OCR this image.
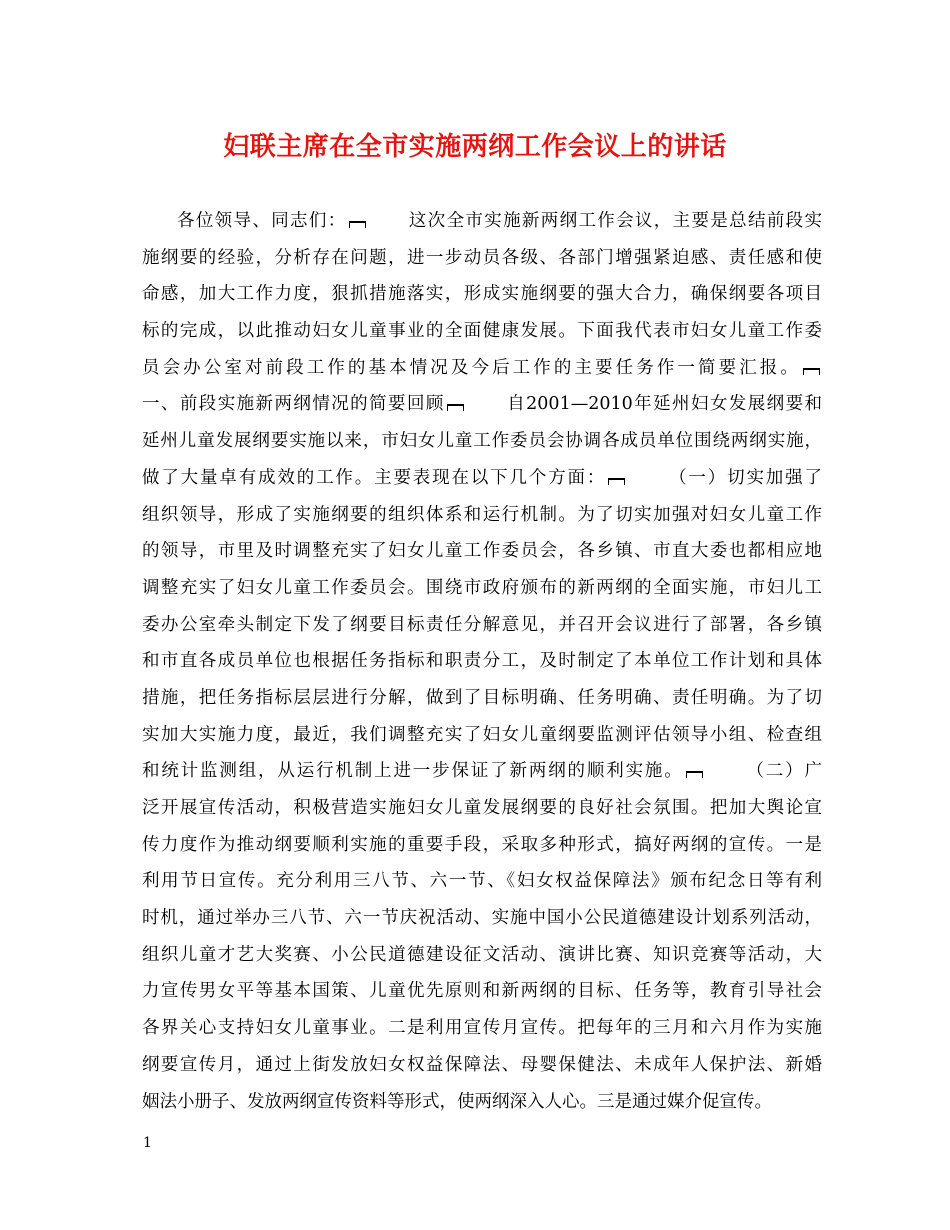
妇联主席在全市实施两纲工作会议上的讲话
各位领导、同志们：	这次全市实施新两纲工作会议，主要是总结前段实
施纲要的经验，分析存在问题，进一步动员各级、各部门增强紧迫感、责任感和使
命感，加大工作力度，狠抓措施落实，形成实施纲要的强大合力，确保纲要各项目
标的完成，以此推动妇女儿童事业的全面健康发展。下面我代表市妇女儿童工作委
员会办公室对前段工作的基本情况及今后工作的主要任务作一简要汇报。
一、前段实施新两纲情况的简要回顾	自2001—2010年延州妇女发展纲要和
延州儿童发展纲要实施以来，市妇女儿童工作委员会协调各成员单位围绕两纲实施，
做了大量卓有成效的工作。主要表现在以下几个方面：	（一）切实加强了
组织领导，形成了实施纲要的组织体系和运行机制。为了切实加强对妇女儿童工作
的领导，市里及时调整充实了妇女儿童工作委员会，各乡镇、市直大委也都相应地
调整充实了妇女儿童工作委员会。围绕市政府颁布的新两纲的全面实施，市妇儿工
委办公室牵头制定下发了纲要目标责任分解意见，并召开会议进行了部署，各乡镇
和市直各成员单位也根据任务指标和职责分工，及时制定了本单位工作计划和具体
措施，把任务指标层层进行分解，做到了目标明确、任务明确、责任明确。为了切
实加大实施力度，最近，我们调整充实了妇女儿童纲要监测评估领导小组、检查组
和统计监测组，从运行机制上进一步保证了新两纲的顺利实施。	（二）广
泛开展宣传活动，积极营造实施妇女儿童发展纲要的良好社会氛围。把加大舆论宣
传力度作为推动纲要顺利实施的重要手段，采取多种形式，搞好两纲的宣传。一是
利用节日宣传。充分利用三八节、六一节、《妇女权益保障法》颁布纪念日等有利
时机，通过举办三八节、六一节庆祝活动、实施中国小公民道德建设计划系列活动，
组织儿童才艺大奖赛、小公民道德建设征文活动、演讲比赛、知识竞赛等活动，大
力宣传男女平等基本国策、儿童优先原则和新两纲的目标、任务等，教育引导社会
各界关心支持妇女儿童事业。二是利用宣传月宣传。把每年的三月和六月作为实施
纲要宣传月，通过上街发放妇女权益保障法、母婴保健法、未成年人保护法、新婚
姻法小册子、发放两纲宣传资料等形式，使两纲深入人心。三是通过媒介促宣传。
1
